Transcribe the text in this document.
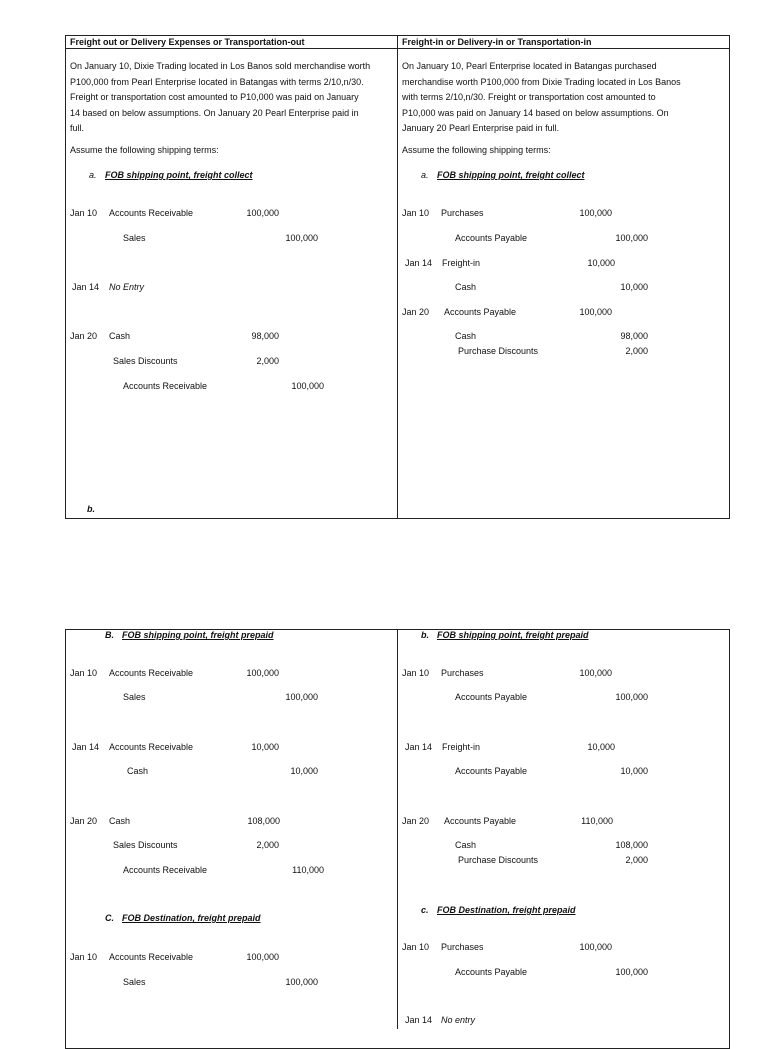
Freight out or Delivery Expenses or Transportation-out	Freight-in or Delivery-in or Transportation-in
On January 10, Dixie Trading located in Los Banos sold merchandise worth
P100,000 from Pearl Enterprise located in Batangas with terms 2/10,n/30.
Freight or transportation cost amounted to P10,000 was paid on January
14 based on below assumptions. On January 20 Pearl Enterprise paid in
full.
On January 10, Pearl Enterprise located in Batangas purchased
merchandise worth P100,000 from Dixie Trading located in Los Banos
with terms 2/10,n/30. Freight or transportation cost amounted to
P10,000 was paid on January 14 based on below assumptions. On
January 20 Pearl Enterprise paid in full.
Assume the following shipping terms:	Assume the following shipping terms:
a. FOB shipping point, freight collect	a. FOB shipping point, freight collect
Jan 10 Accounts Receivable	100,000
Sales	100,000
Jan 14 No Entry
Jan 20 Cash	98,000
Sales Discounts	2,000
Accounts Receivable	100,000
b.
Jan 10 Purchases	100,000
Accounts Payable	100,000
Jan 14 Freight-in	10,000
Cash	10,000
Jan 20 Accounts Payable	100,000
Cash	98,000
Purchase Discounts	2,000
B. FOB shipping point, freight prepaid	b. FOB shipping point, freight prepaid
Jan 10 Accounts Receivable	100,000
Sales	100,000
Jan 14 Accounts Receivable	10,000
Cash	10,000
Jan 20 Cash	108,000
Sales Discounts	2,000
Accounts Receivable	110,000
Jan 10 Purchases	100,000
Accounts Payable	100,000
Jan 14 Freight-in	10,000
Accounts Payable	10,000
Jan 20 Accounts Payable	110,000
Cash	108,000
Purchase Discounts	2,000
C. FOB Destination, freight prepaid
c. FOB Destination, freight prepaid
Jan 10 Accounts Receivable	100,000
Sales	100,000
Jan 10 Purchases	100,000
Accounts Payable	100,000
Jan 14 No entry
